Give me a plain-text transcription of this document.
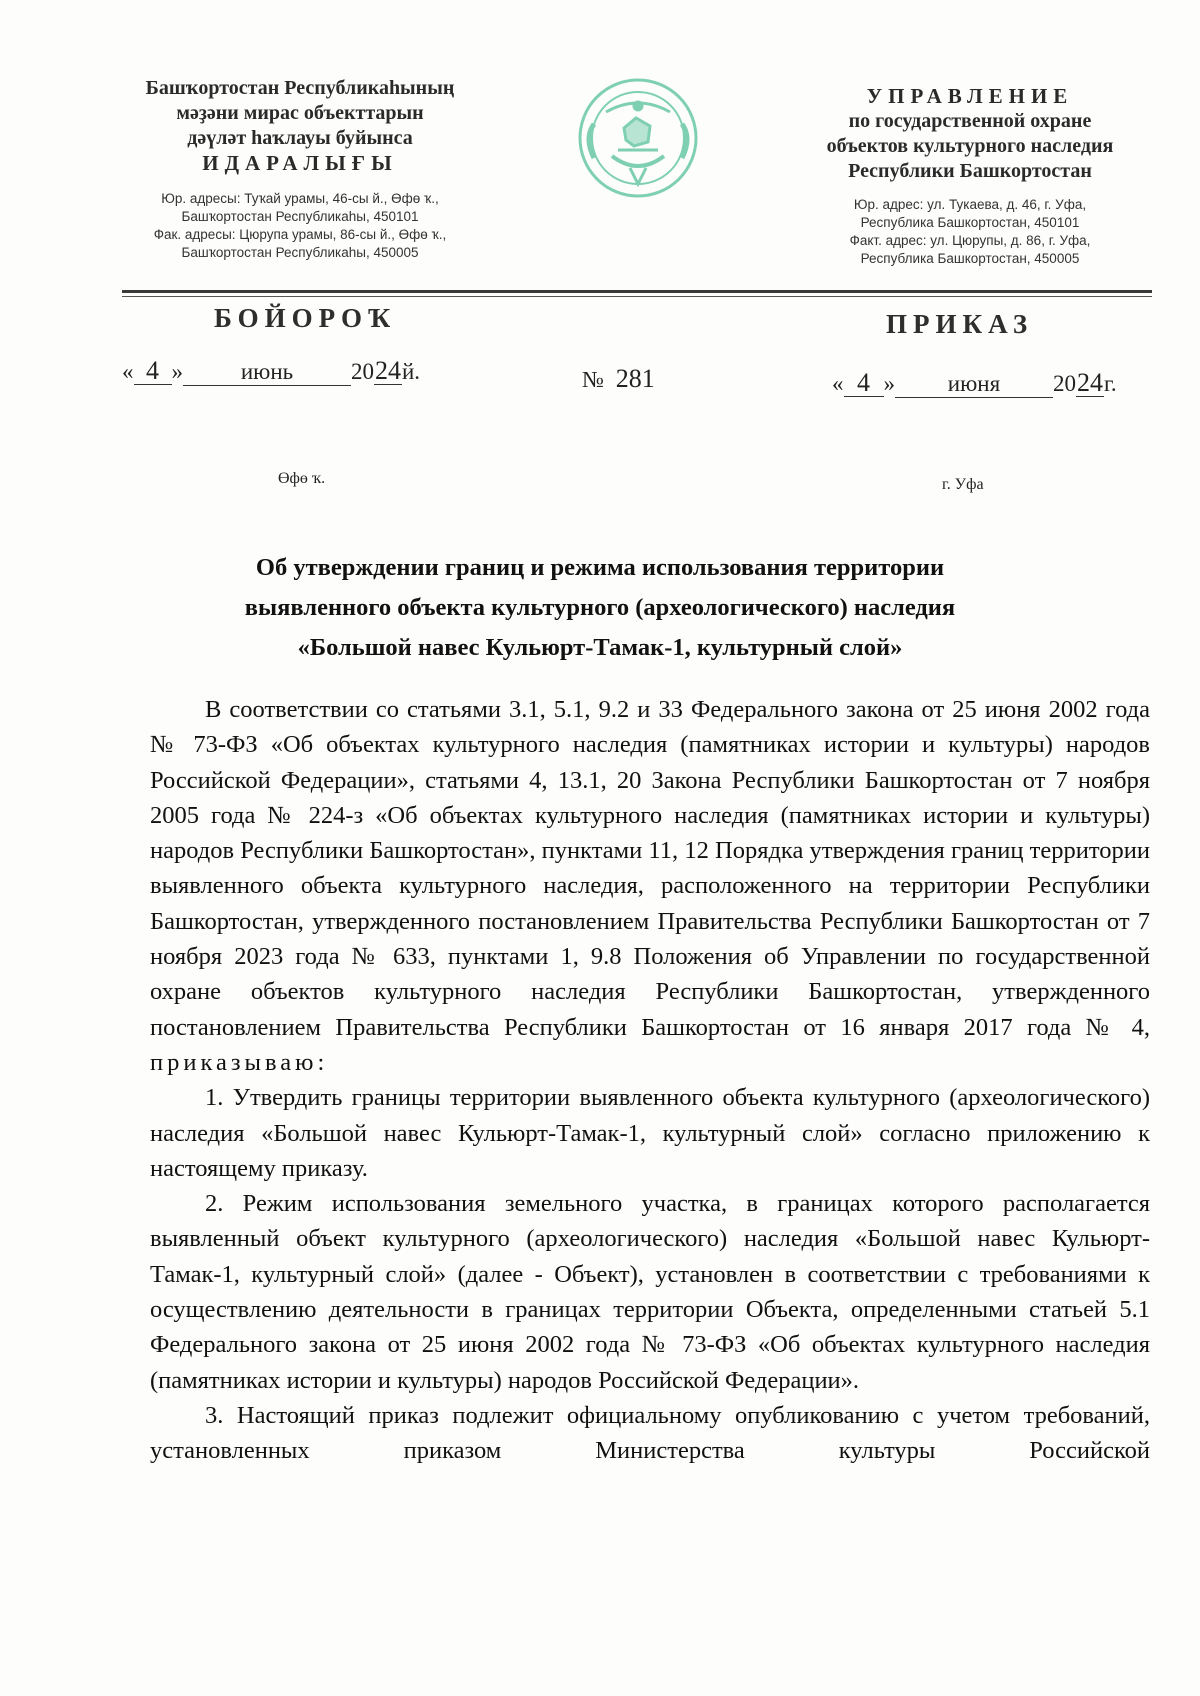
Башҡортостан Республикаһының
мәҙәни мирас объекттарын
дәүләт һаҡлауы буйынса
ИДАРАЛЫҒЫ
Юр. адресы: Туҡай урамы, 46-сы й., Өфө ҡ.,
Башҡортостан Республикаһы, 450101
Фак. адресы: Цюрупа урамы, 86-сы й., Өфө ҡ.,
Башҡортостан Республикаһы, 450005
УПРАВЛЕНИЕ
по государственной охране
объектов культурного наследия
Республики Башкортостан
Юр. адрес: ул. Тукаева, д. 46, г. Уфа,
Республика Башкортостан, 450101
Факт. адрес: ул. Цюрупы, д. 86, г. Уфа,
Республика Башкортостан, 450005
БОЙОРОҠ	ПРИКАЗ
« 4 »	июнь	2024й.	№ 281	« 4 » июня 2024г.
Өфө ҡ.	г. Уфа
Об утверждении границ и режима использования территории
выявленного объекта культурного (археологического) наследия
«Большой навес Кульюрт-Тамак-1, культурный слой»

В соответствии со статьями 3.1, 5.1, 9.2 и 33 Федерального закона от 25 июня 2002 года № 73-ФЗ «Об объектах культурного наследия (памятниках истории и культуры) народов Российской Федерации», статьями 4, 13.1, 20 Закона Республики Башкортостан от 7 ноября 2005 года № 224-з «Об объектах культурного наследия (памятниках истории и культуры) народов Республики Башкортостан», пунктами 11, 12 Порядка утверждения границ территории выявленного объекта культурного наследия, расположенного на территории Республики Башкортостан, утвержденного постановлением Правительства Республики Башкортостан от 7 ноября 2023 года № 633, пунктами 1, 9.8 Положения об Управлении по государственной охране объектов культурного наследия Республики Башкортостан, утвержденного постановлением Правительства Республики Башкортостан от 16 января 2017 года № 4, приказываю:

1. Утвердить границы территории выявленного объекта культурного (археологического) наследия «Большой навес Кульюрт-Тамак-1, культурный слой» согласно приложению к настоящему приказу.

2. Режим использования земельного участка, в границах которого располагается выявленный объект культурного (археологического) наследия «Большой навес Кульюрт-Тамак-1, культурный слой» (далее - Объект), установлен в соответствии с требованиями к осуществлению деятельности в границах территории Объекта, определенными статьей 5.1 Федерального закона от 25 июня 2002 года № 73-ФЗ «Об объектах культурного наследия (памятниках истории и культуры) народов Российской Федерации».

3. Настоящий приказ подлежит официальному опубликованию с учетом требований, установленных приказом Министерства культуры Российской
